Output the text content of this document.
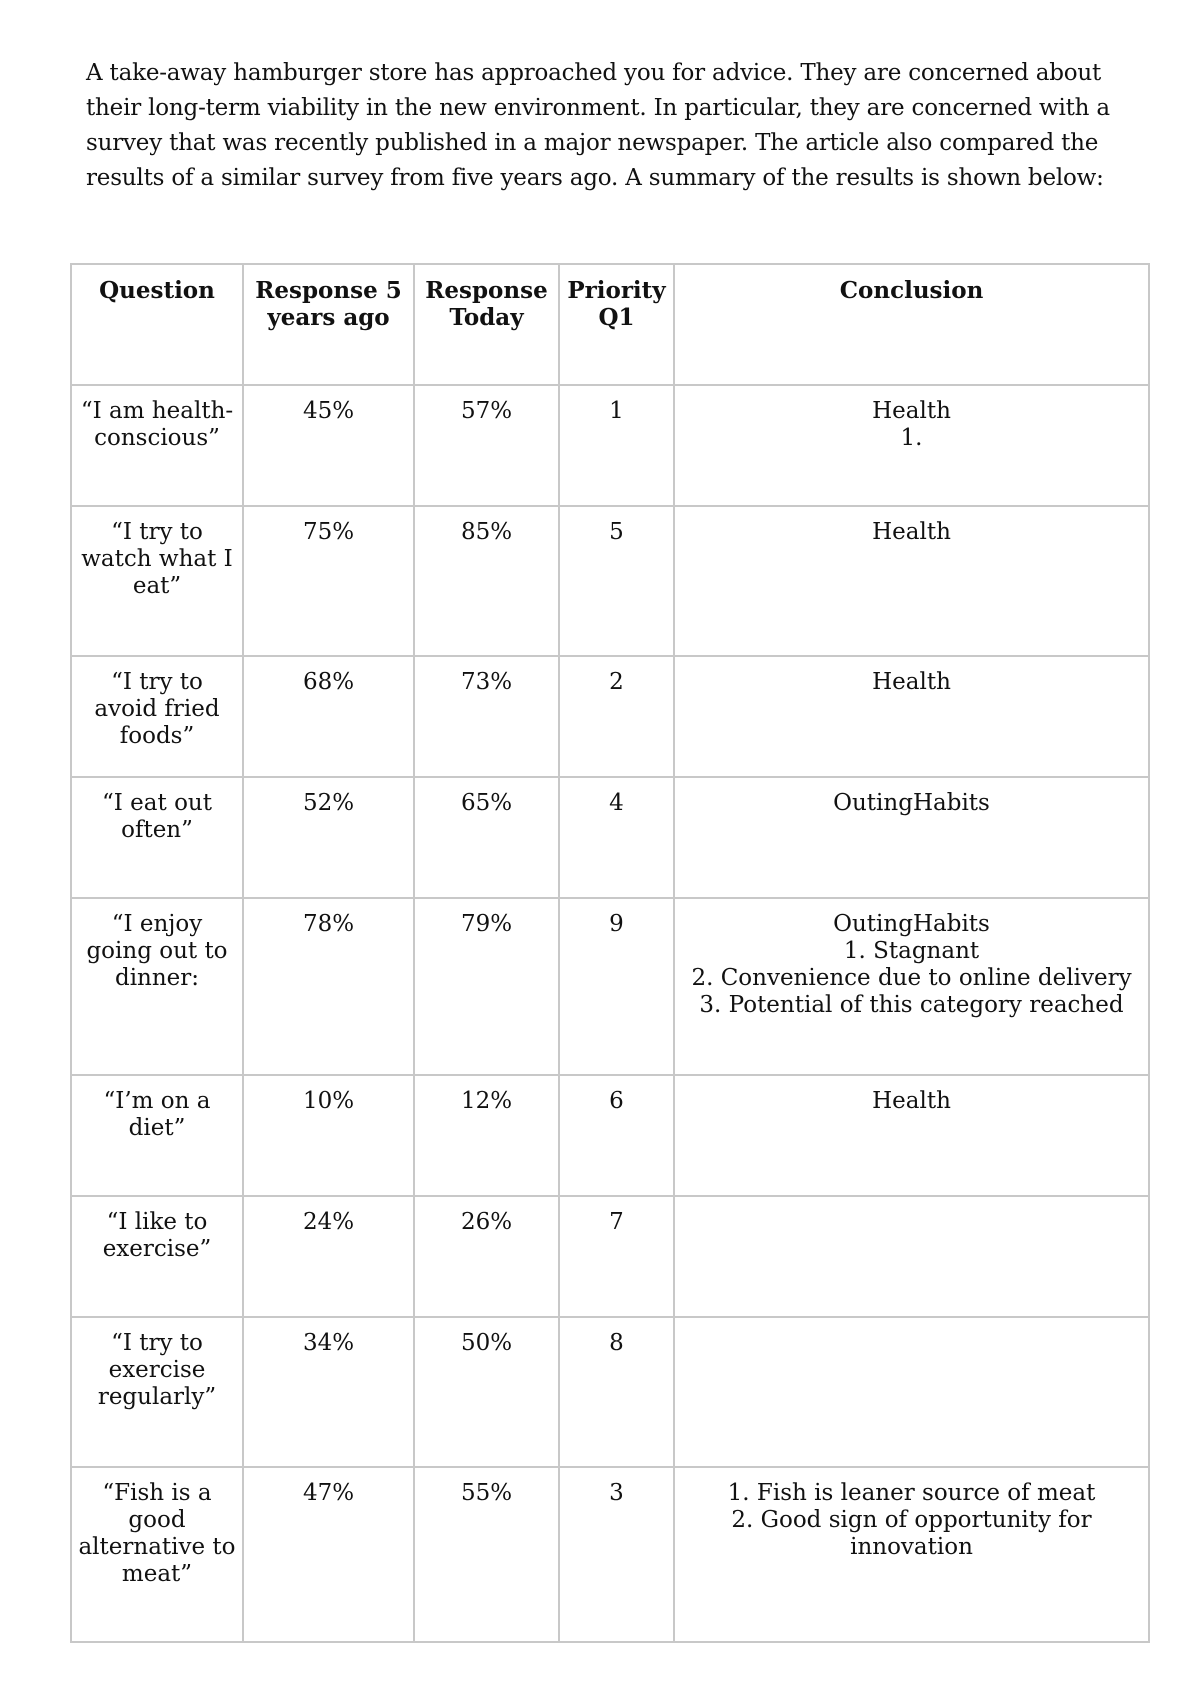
A take-away hamburger store has approached you for advice. They are concerned about their long-term viability in the new environment. In particular, they are concerned with a survey that was recently published in a major newspaper. The article also compared the results of a similar survey from five years ago. A summary of the results is shown below:

Question	Response 5 years ago	Response Today	Priority Q1	Conclusion
“I am health-conscious”	45%	57%	1	Health
1.

“I try to watch what I eat”	75%	85%	5	Health

“I try to avoid fried foods”	68%	73%	2	Health

“I eat out often”	52%	65%	4	OutingHabits

“I enjoy going out to dinner:	78%	79%	9	OutingHabits
1. Stagnant
2. Convenience due to online delivery
3. Potential of this category reached

“I’m on a diet”	10%	12%	6	Health

“I like to exercise”	24%	26%	7	
“I try to exercise regularly”	34%	50%	8	
“Fish is a good alternative to meat”	47%	55%	3	1. Fish is leaner source of meat
2. Good sign of opportunity for innovation
